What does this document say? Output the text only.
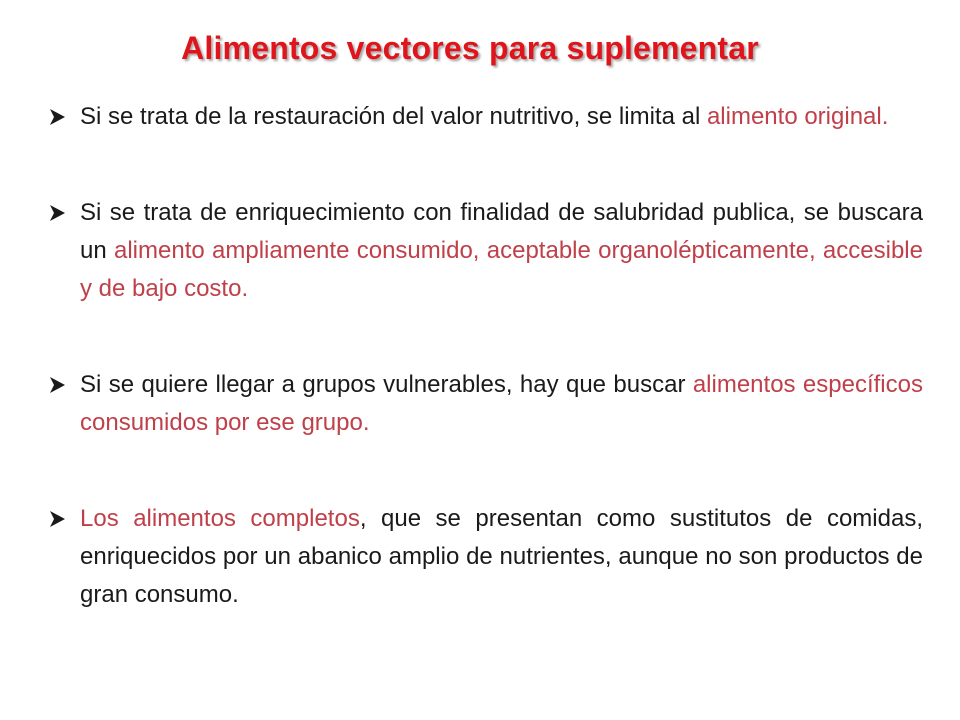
Alimentos vectores para suplementar
Si se trata de la restauración del valor nutritivo, se limita al alimento original.
Si se trata de enriquecimiento con finalidad de salubridad publica, se buscara un alimento ampliamente consumido, aceptable organolépticamente, accesible y de bajo costo.
Si se quiere llegar a grupos vulnerables, hay que buscar alimentos específicos consumidos por ese grupo.
Los alimentos completos, que se presentan como sustitutos de comidas, enriquecidos por un abanico amplio de nutrientes, aunque no son productos de gran consumo.
